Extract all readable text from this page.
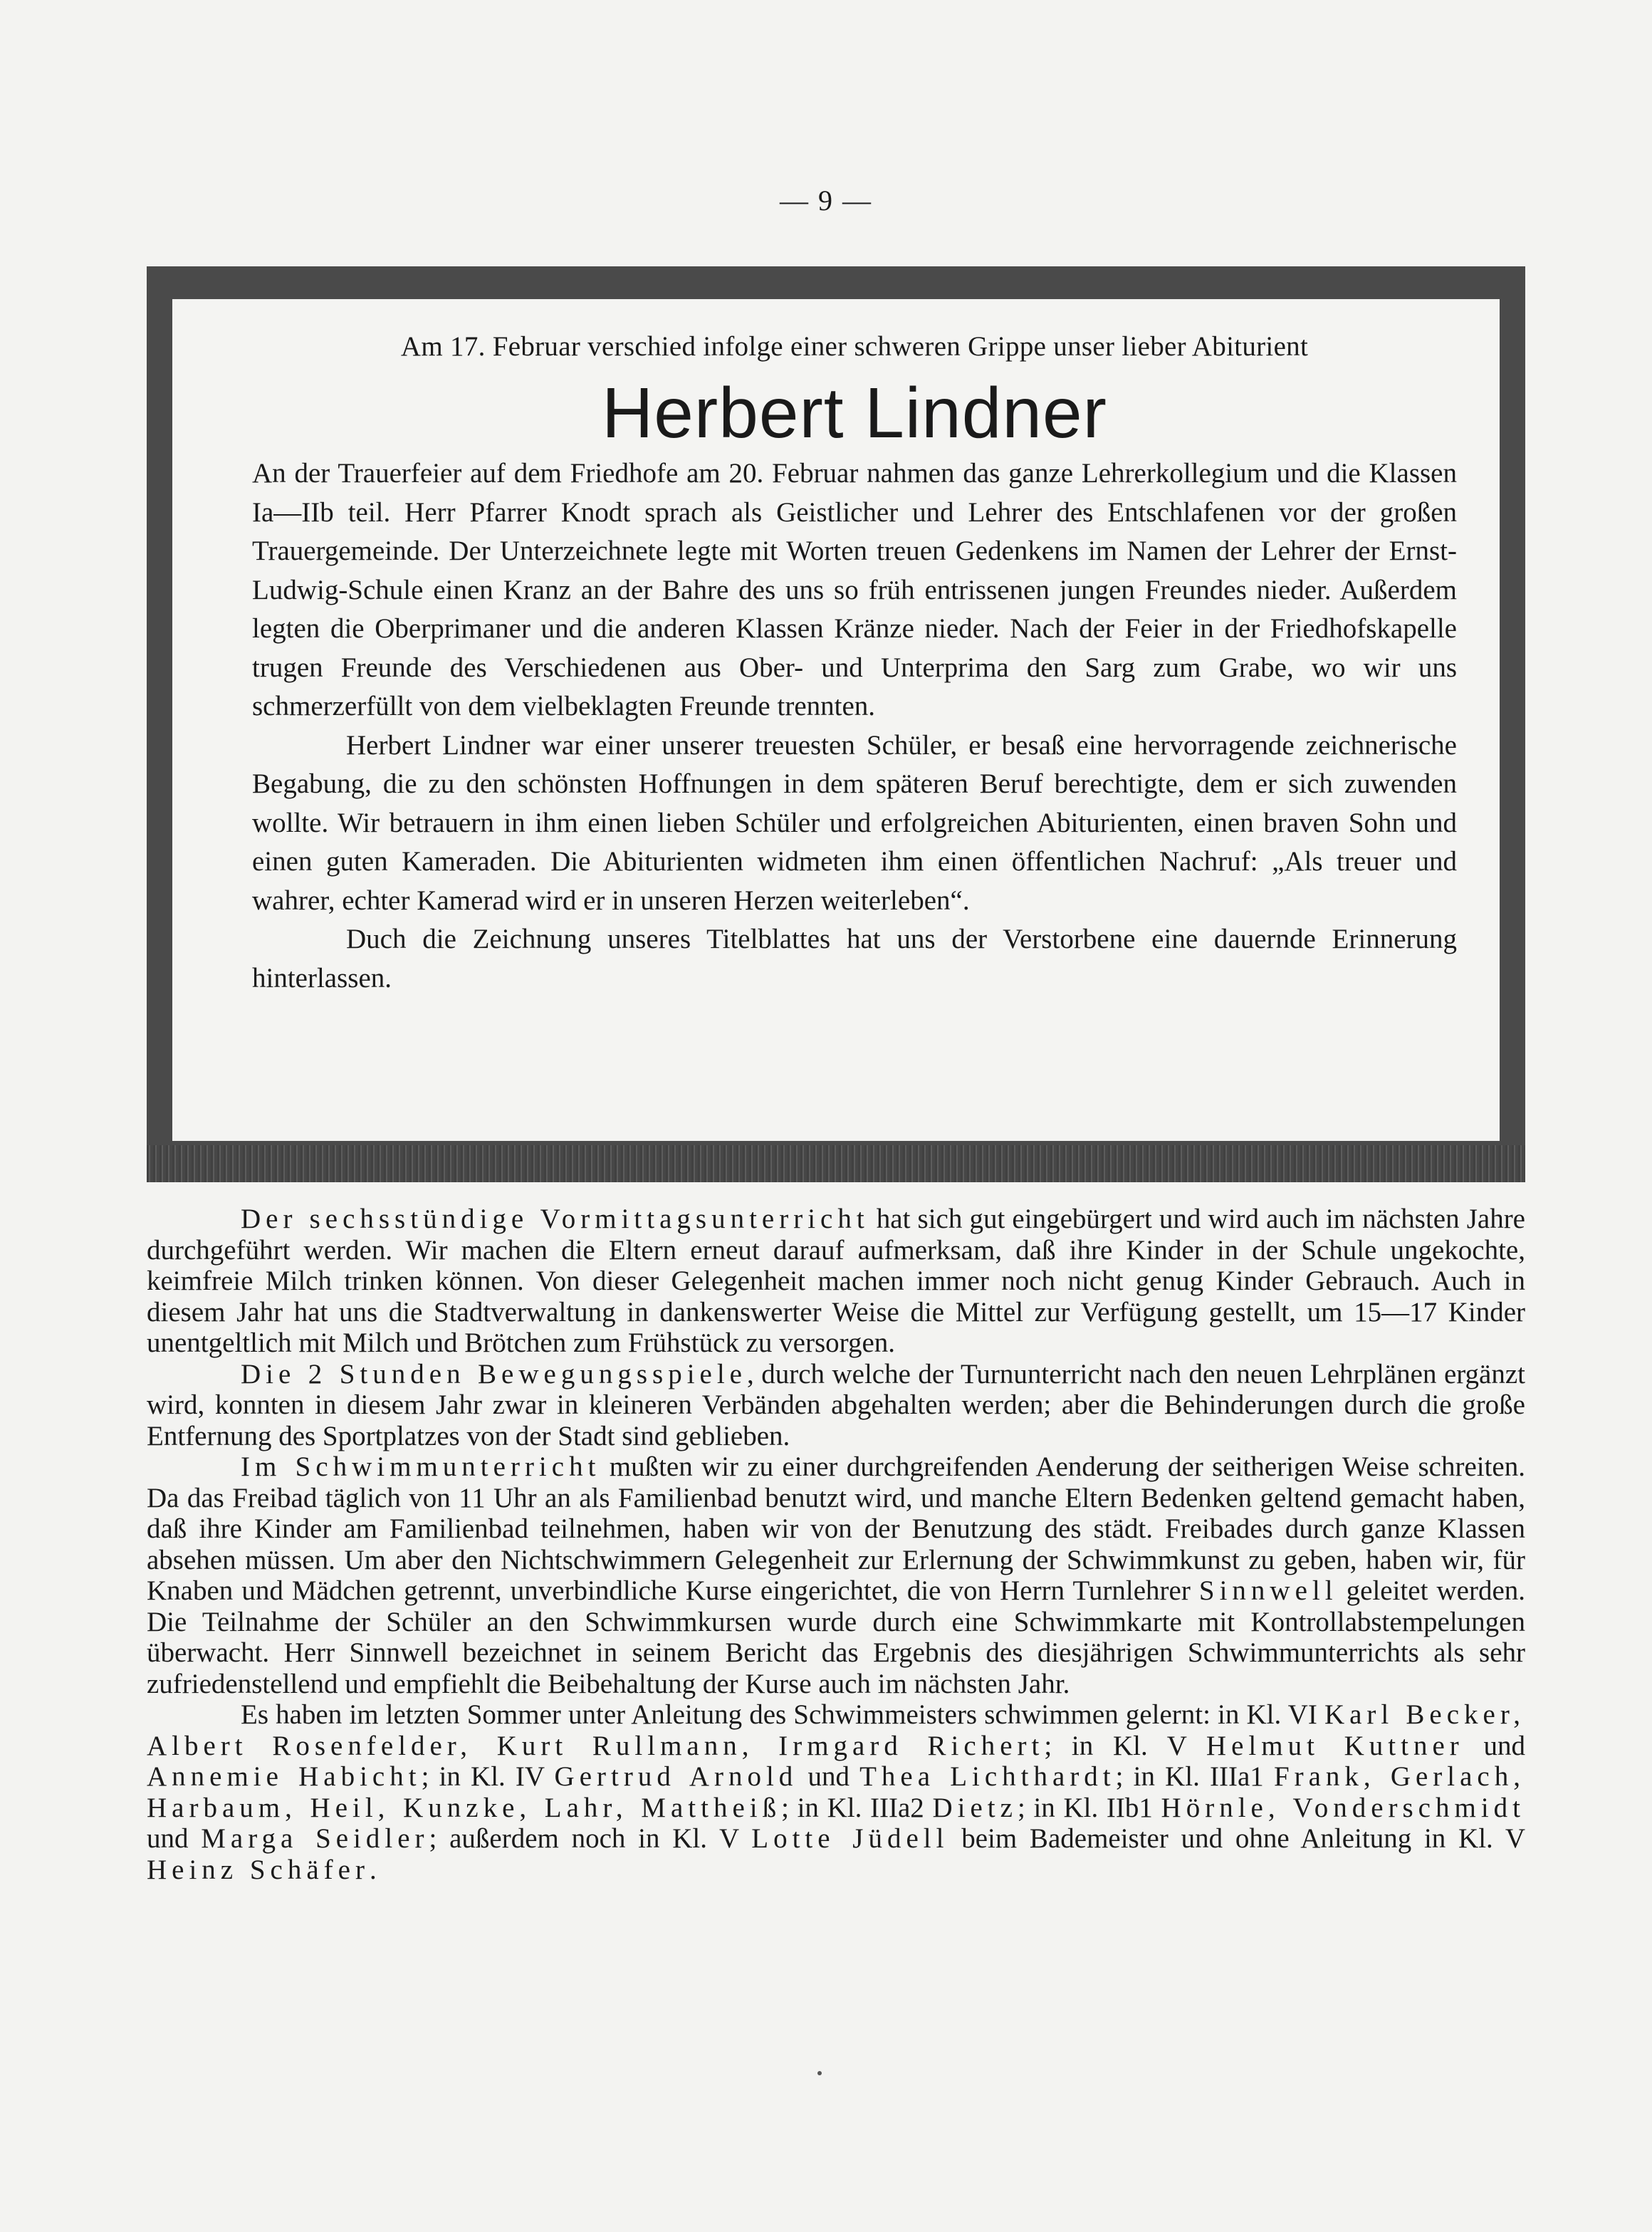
— 9 —
Am 17. Februar verschied infolge einer schweren Grippe unser lieber Abiturient
Herbert Lindner

An der Trauerfeier auf dem Friedhofe am 20. Februar nahmen das ganze Lehrerkollegium und die Klassen Ia—IIb teil. Herr Pfarrer Knodt sprach als Geistlicher und Lehrer des Entschlafenen vor der großen Trauergemeinde. Der Unterzeichnete legte mit Worten treuen Gedenkens im Namen der Lehrer der Ernst-Ludwig-Schule einen Kranz an der Bahre des uns so früh entrissenen jungen Freundes nieder. Außerdem legten die Oberprimaner und die anderen Klassen Kränze nieder. Nach der Feier in der Friedhofskapelle trugen Freunde des Verschiedenen aus Ober- und Unterprima den Sarg zum Grabe, wo wir uns schmerzerfüllt von dem vielbeklagten Freunde trennten.

Herbert Lindner war einer unserer treuesten Schüler, er besaß eine hervorragende zeichnerische Begabung, die zu den schönsten Hoffnungen in dem späteren Beruf berechtigte, dem er sich zuwenden wollte. Wir betrauern in ihm einen lieben Schüler und erfolgreichen Abiturienten, einen braven Sohn und einen guten Kameraden. Die Abiturienten widmeten ihm einen öffentlichen Nachruf: „Als treuer und wahrer, echter Kamerad wird er in unseren Herzen weiterleben“.

Duch die Zeichnung unseres Titelblattes hat uns der Verstorbene eine dauernde Erinnerung hinterlassen.

Der sechsstündige Vormittagsunterricht hat sich gut eingebürgert und wird auch im nächsten Jahre durchgeführt werden. Wir machen die Eltern erneut darauf aufmerksam, daß ihre Kinder in der Schule ungekochte, keimfreie Milch trinken können. Von dieser Gelegenheit machen immer noch nicht genug Kinder Gebrauch. Auch in diesem Jahr hat uns die Stadtverwaltung in dankenswerter Weise die Mittel zur Verfügung gestellt, um 15—17 Kinder unentgeltlich mit Milch und Brötchen zum Frühstück zu versorgen.

Die 2 Stunden Bewegungsspiele, durch welche der Turnunterricht nach den neuen Lehrplänen ergänzt wird, konnten in diesem Jahr zwar in kleineren Verbänden abgehalten werden; aber die Behinderungen durch die große Entfernung des Sportplatzes von der Stadt sind geblieben.

Im Schwimmunterricht mußten wir zu einer durchgreifenden Aenderung der seitherigen Weise schreiten. Da das Freibad täglich von 11 Uhr an als Familienbad benutzt wird, und manche Eltern Bedenken geltend gemacht haben, daß ihre Kinder am Familienbad teilnehmen, haben wir von der Benutzung des städt. Freibades durch ganze Klassen absehen müssen. Um aber den Nichtschwimmern Gelegenheit zur Erlernung der Schwimmkunst zu geben, haben wir, für Knaben und Mädchen getrennt, unverbindliche Kurse eingerichtet, die von Herrn Turnlehrer Sinnwell geleitet werden. Die Teilnahme der Schüler an den Schwimmkursen wurde durch eine Schwimmkarte mit Kontrollabstempelungen überwacht. Herr Sinnwell bezeichnet in seinem Bericht das Ergebnis des diesjährigen Schwimmunterrichts als sehr zufriedenstellend und empfiehlt die Beibehaltung der Kurse auch im nächsten Jahr.

Es haben im letzten Sommer unter Anleitung des Schwimmeisters schwimmen gelernt: in Kl. VI Karl Becker, Albert Rosenfelder, Kurt Rullmann, Irmgard Richert; in Kl. V Helmut Kuttner und Annemie Habicht; in Kl. IV Gertrud Arnold und Thea Lichthardt; in Kl. IIIa1 Frank, Gerlach, Harbaum, Heil, Kunzke, Lahr, Mattheiß; in Kl. IIIa2 Dietz; in Kl. IIb1 Hörnle, Vonderschmidt und Marga Seidler; außerdem noch in Kl. V Lotte Jüdell beim Bademeister und ohne Anleitung in Kl. V Heinz Schäfer.
